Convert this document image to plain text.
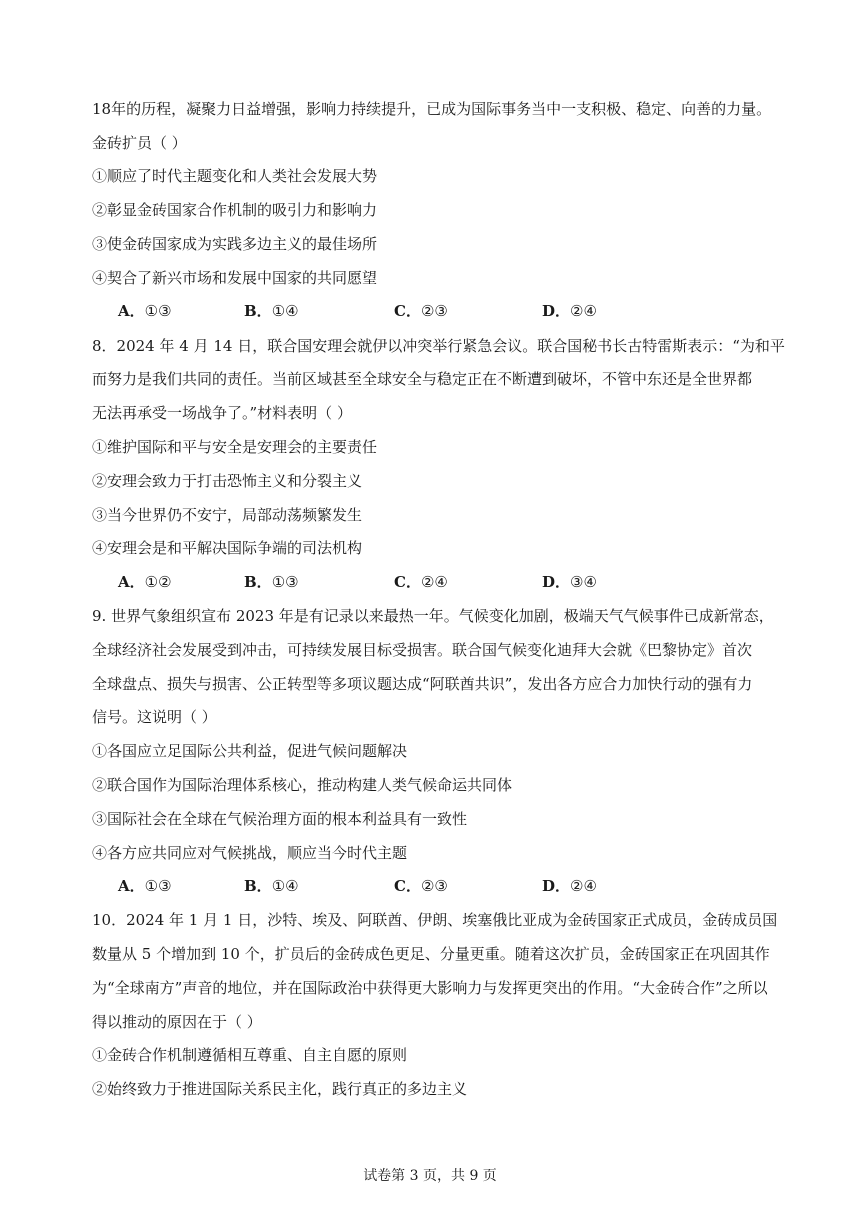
18年的历程，凝聚力日益增强，影响力持续提升，已成为国际事务当中一支积极、稳定、向善的力量。
金砖扩员（ ）
①顺应了时代主题变化和人类社会发展大势
②彰显金砖国家合作机制的吸引力和影响力
③使金砖国家成为实践多边主义的最佳场所
④契合了新兴市场和发展中国家的共同愿望
A．①③	B．①④	C．②③	D．②④
8．2024 年 4 月 14 日，联合国安理会就伊以冲突举行紧急会议。联合国秘书长古特雷斯表示：“为和平
而努力是我们共同的责任。当前区域甚至全球安全与稳定正在不断遭到破坏，不管中东还是全世界都
无法再承受一场战争了。”材料表明（ ）
①维护国际和平与安全是安理会的主要责任
②安理会致力于打击恐怖主义和分裂主义
③当今世界仍不安宁，局部动荡频繁发生
④安理会是和平解决国际争端的司法机构
A．①②	B．①③	C．②④	D．③④
9. 世界气象组织宣布 2023 年是有记录以来最热一年。气候变化加剧，极端天气气候事件已成新常态，
全球经济社会发展受到冲击，可持续发展目标受损害。联合国气候变化迪拜大会就《巴黎协定》首次
全球盘点、损失与损害、公正转型等多项议题达成“阿联酋共识”，发出各方应合力加快行动的强有力
信号。这说明（ ）
①各国应立足国际公共利益，促进气候问题解决
②联合国作为国际治理体系核心，推动构建人类气候命运共同体
③国际社会在全球在气候治理方面的根本利益具有一致性
④各方应共同应对气候挑战，顺应当今时代主题
A．①③	B．①④	C．②③	D．②④
10．2024 年 1 月 1 日，沙特、埃及、阿联酋、伊朗、埃塞俄比亚成为金砖国家正式成员，金砖成员国
数量从 5 个增加到 10 个，扩员后的金砖成色更足、分量更重。随着这次扩员，金砖国家正在巩固其作
为“全球南方”声音的地位，并在国际政治中获得更大影响力与发挥更突出的作用。“大金砖合作”之所以
得以推动的原因在于（ ）
①金砖合作机制遵循相互尊重、自主自愿的原则
②始终致力于推进国际关系民主化，践行真正的多边主义
试卷第 3 页，共 9 页
